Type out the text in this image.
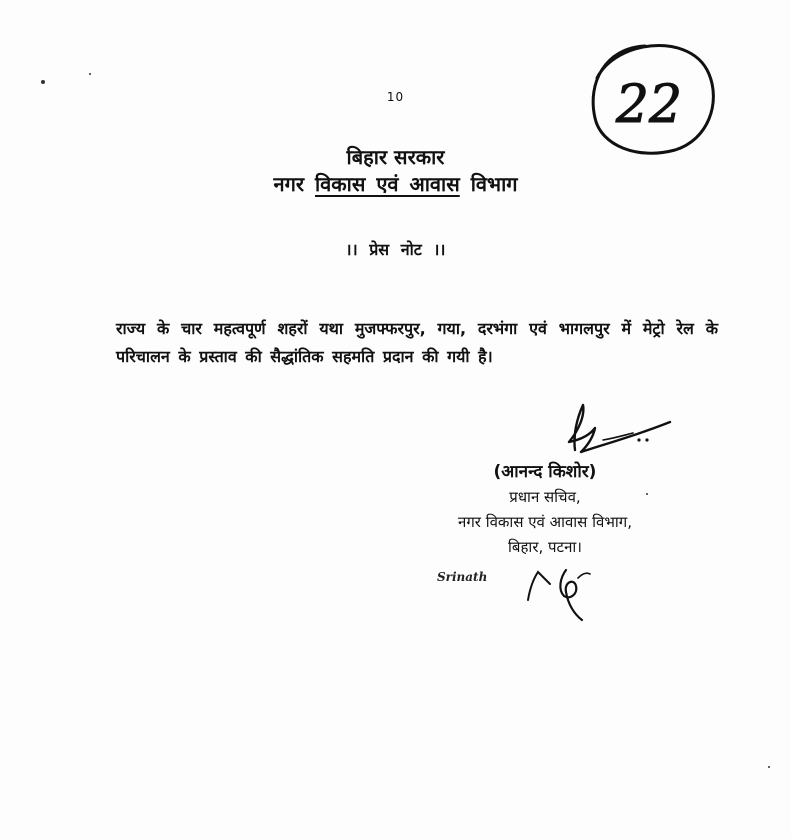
22
10
बिहार सरकार
नगर विकास एवं आवास विभाग
।। प्रेस नोट ।।
राज्य के चार महत्वपूर्ण शहरों यथा मुजफ्फरपुर, गया, दरभंगा एवं भागलपुर में मेट्रो रेल के परिचालन के प्रस्ताव की सैद्धांतिक सहमति प्रदान की गयी है।
(आनन्द किशोर)
प्रधान सचिव,
नगर विकास एवं आवास विभाग,
बिहार, पटना।
Srinath
